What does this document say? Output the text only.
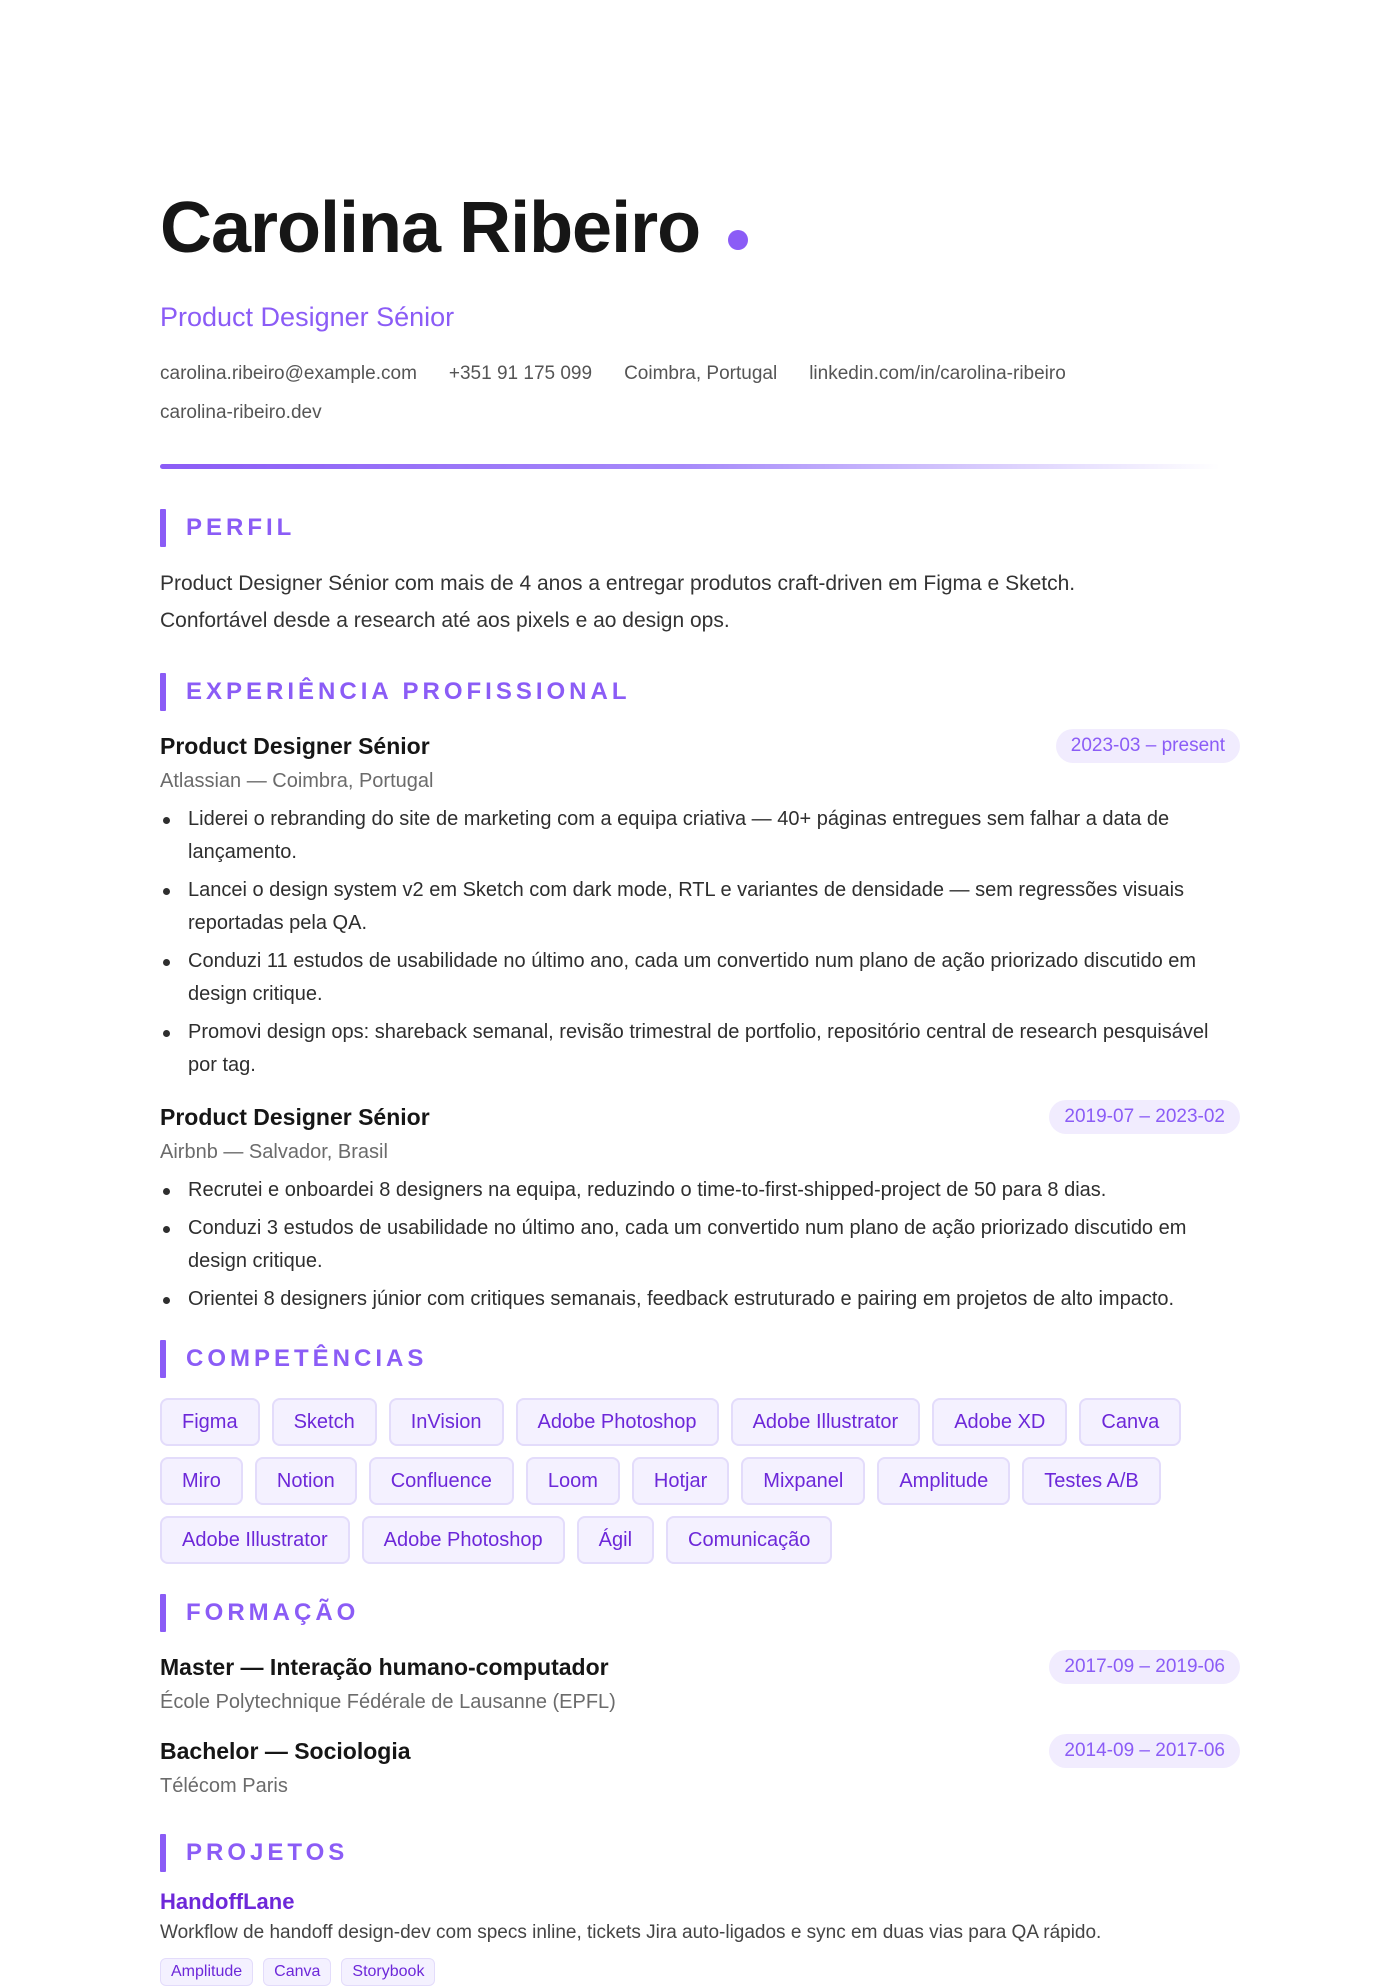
Carolina Ribeiro
Product Designer Sénior
carolina.ribeiro@example.com +351 91 175 099 Coimbra, Portugal linkedin.com/in/carolina-ribeiro
carolina-ribeiro.dev
PERFIL
Product Designer Sénior com mais de 4 anos a entregar produtos craft-driven em Figma e Sketch.
Confortável desde a research até aos pixels e ao design ops.
EXPERIÊNCIA PROFISSIONAL
Product Designer Sénior	2023-03 – present
Atlassian — Coimbra, Portugal
Liderei o rebranding do site de marketing com a equipa criativa — 40+ páginas entregues sem falhar a data de lançamento.
Lancei o design system v2 em Sketch com dark mode, RTL e variantes de densidade — sem regressões visuais reportadas pela QA.
Conduzi 11 estudos de usabilidade no último ano, cada um convertido num plano de ação priorizado discutido em design critique.
Promovi design ops: shareback semanal, revisão trimestral de portfolio, repositório central de research pesquisável por tag.
Product Designer Sénior	2019-07 – 2023-02
Airbnb — Salvador, Brasil
Recrutei e onboardei 8 designers na equipa, reduzindo o time-to-first-shipped-project de 50 para 8 dias.
Conduzi 3 estudos de usabilidade no último ano, cada um convertido num plano de ação priorizado discutido em design critique.
Orientei 8 designers júnior com critiques semanais, feedback estruturado e pairing em projetos de alto impacto.
COMPETÊNCIAS
Figma	Sketch	InVision	Adobe Photoshop	Adobe Illustrator	Adobe XD	Canva
Miro	Notion	Confluence	Loom	Hotjar	Mixpanel	Amplitude	Testes A/B
Adobe Illustrator	Adobe Photoshop	Ágil	Comunicação
FORMAÇÃO
Master — Interação humano-computador	2017-09 – 2019-06
École Polytechnique Fédérale de Lausanne (EPFL)
Bachelor — Sociologia	2014-09 – 2017-06
Télécom Paris
PROJETOS
HandoffLane
Workflow de handoff design-dev com specs inline, tickets Jira auto-ligados e sync em duas vias para QA rápido.
Amplitude	Canva	Storybook
